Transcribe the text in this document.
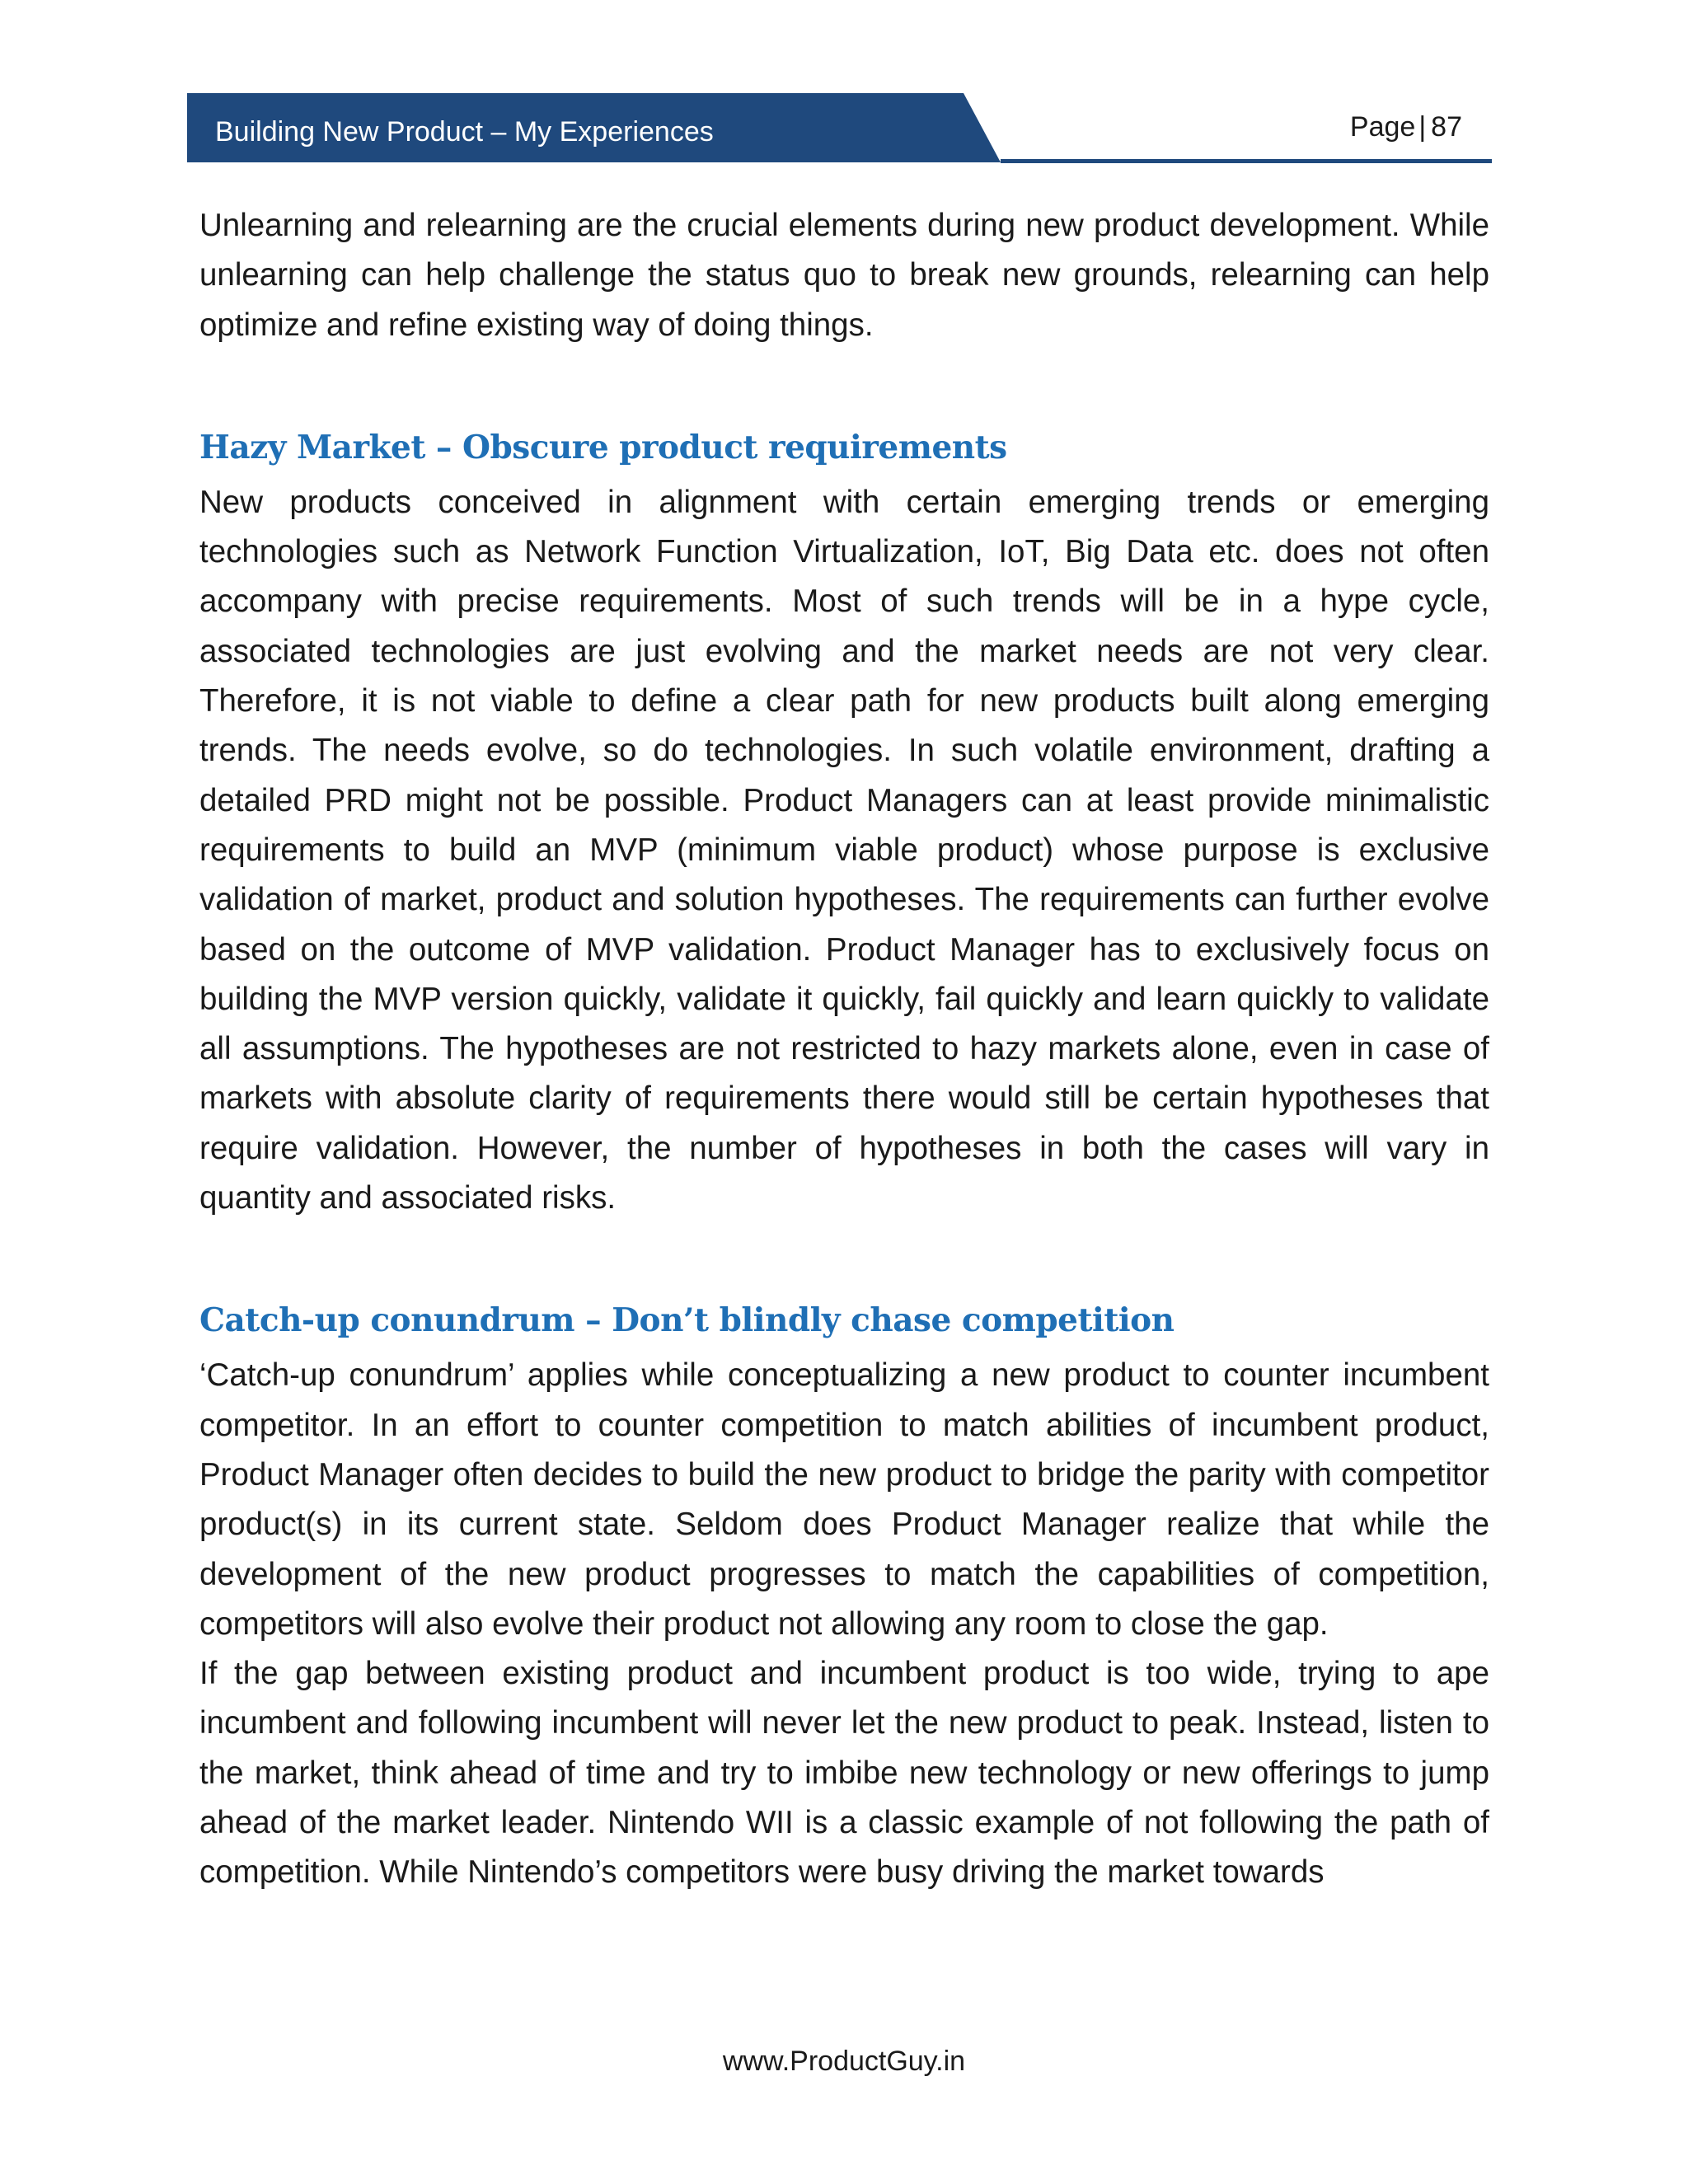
Building New Product – My Experiences	Page | 87

Unlearning and relearning are the crucial elements during new product development. While unlearning can help challenge the status quo to break new grounds, relearning can help optimize and refine existing way of doing things.

Hazy Market – Obscure product requirements

New products conceived in alignment with certain emerging trends or emerging technologies such as Network Function Virtualization, IoT, Big Data etc. does not often accompany with precise requirements. Most of such trends will be in a hype cycle, associated technologies are just evolving and the market needs are not very clear. Therefore, it is not viable to define a clear path for new products built along emerging trends. The needs evolve, so do technologies. In such volatile environment, drafting a detailed PRD might not be possible. Product Managers can at least provide minimalistic requirements to build an MVP (minimum viable product) whose purpose is exclusive validation of market, product and solution hypotheses. The requirements can further evolve based on the outcome of MVP validation. Product Manager has to exclusively focus on building the MVP version quickly, validate it quickly, fail quickly and learn quickly to validate all assumptions. The hypotheses are not restricted to hazy markets alone, even in case of markets with absolute clarity of requirements there would still be certain hypotheses that require validation. However, the number of hypotheses in both the cases will vary in quantity and associated risks.

Catch-up conundrum – Don’t blindly chase competition

‘Catch-up conundrum’ applies while conceptualizing a new product to counter incumbent competitor. In an effort to counter competition to match abilities of incumbent product, Product Manager often decides to build the new product to bridge the parity with competitor product(s) in its current state. Seldom does Product Manager realize that while the development of the new product progresses to match the capabilities of competition, competitors will also evolve their product not allowing any room to close the gap.

If the gap between existing product and incumbent product is too wide, trying to ape incumbent and following incumbent will never let the new product to peak. Instead, listen to the market, think ahead of time and try to imbibe new technology or new offerings to jump ahead of the market leader. Nintendo WII is a classic example of not following the path of competition. While Nintendo’s competitors were busy driving the market towards

www.ProductGuy.in
